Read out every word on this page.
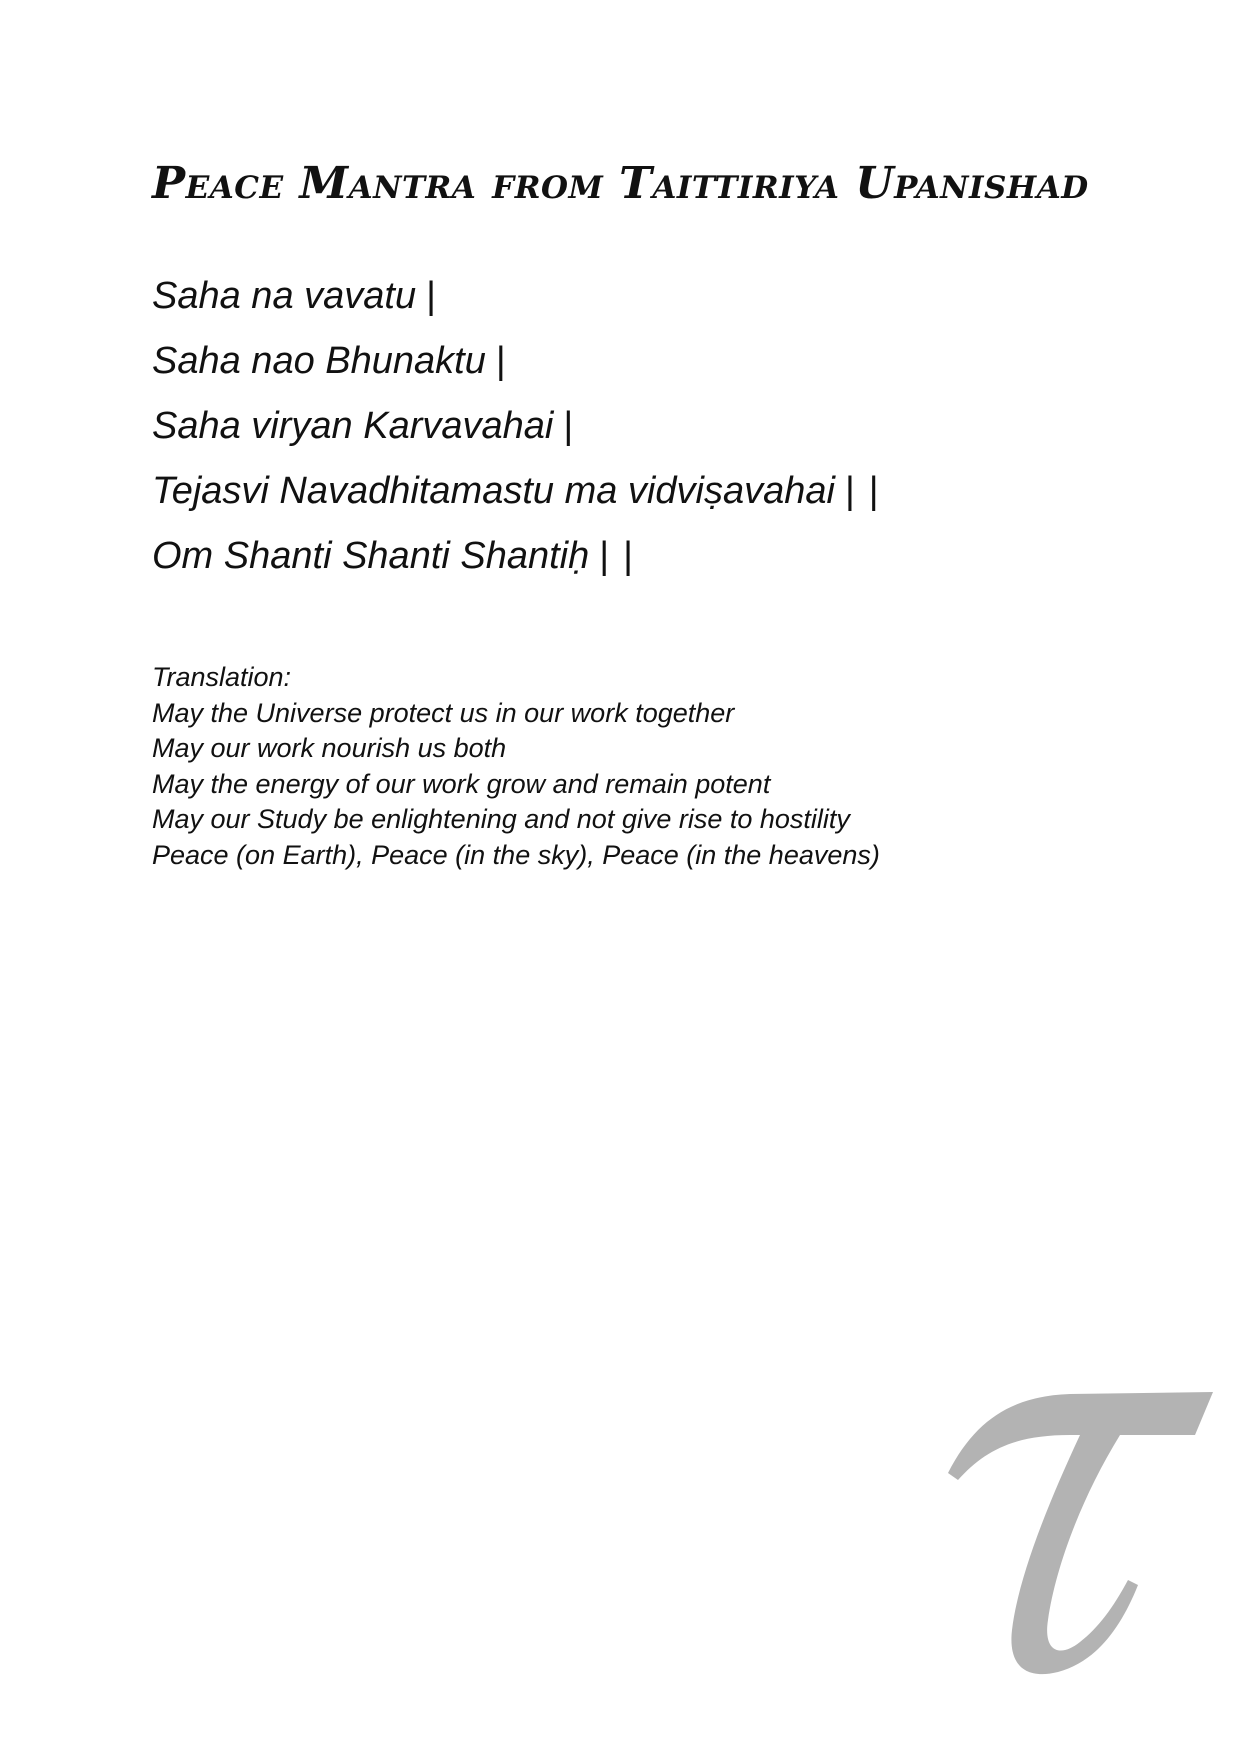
Peace Mantra from Taittiriya Upanishad
Saha na vavatu |
Saha nao Bhunaktu |
Saha viryan Karvavahai |
Tejasvi Navadhitamastu ma vidviṣavahai ||
Om Shanti Shanti Shantiḥ ||
Translation:
May the Universe protect us in our work together
May our work nourish us both
May the energy of our work grow and remain potent
May our Study be enlightening and not give rise to hostility
Peace (on Earth), Peace (in the sky), Peace (in the heavens)
